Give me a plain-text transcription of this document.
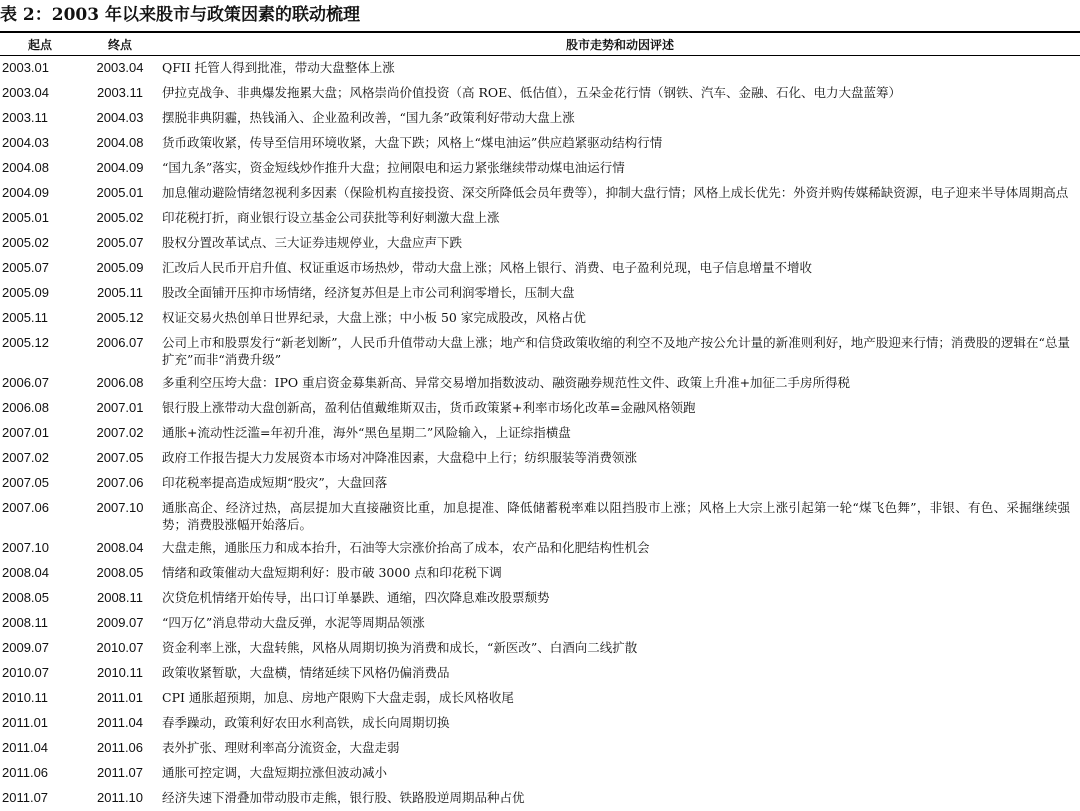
表 2：2003 年以来股市与政策因素的联动梳理
起点	终点	股市走势和动因评述
2003.01	2003.04	QFII 托管人得到批准，带动大盘整体上涨
2003.04	2003.11	伊拉克战争、非典爆发拖累大盘；风格崇尚价值投资（高 ROE、低估值），五朵金花行情（钢铁、汽车、金融、石化、电力大盘蓝筹）
2003.11	2004.03	摆脱非典阴霾，热钱涌入、企业盈利改善，“国九条”政策利好带动大盘上涨
2004.03	2004.08	货币政策收紧，传导至信用环境收紧，大盘下跌；风格上“煤电油运”供应趋紧驱动结构行情
2004.08	2004.09	“国九条”落实，资金短线炒作推升大盘；拉闸限电和运力紧张继续带动煤电油运行情
2004.09	2005.01	加息催动避险情绪忽视利多因素（保险机构直接投资、深交所降低会员年费等），抑制大盘行情；风格上成长优先：外资并购传媒稀缺资源，电子迎来半导体周期高点
2005.01	2005.02	印花税打折，商业银行设立基金公司获批等利好刺激大盘上涨
2005.02	2005.07	股权分置改革试点、三大证券违规停业，大盘应声下跌
2005.07	2005.09	汇改后人民币开启升值、权证重返市场热炒，带动大盘上涨；风格上银行、消费、电子盈利兑现，电子信息增量不增收
2005.09	2005.11	股改全面铺开压抑市场情绪，经济复苏但是上市公司利润零增长，压制大盘
2005.11	2005.12	权证交易火热创单日世界纪录，大盘上涨；中小板 50 家完成股改，风格占优
2005.12	2006.07	公司上市和股票发行“新老划断”，人民币升值带动大盘上涨；地产和信贷政策收缩的利空不及地产按公允计量的新准则利好，地产股迎来行情；消费股的逻辑在“总量扩充”而非“消费升级”
2006.07	2006.08	多重利空压垮大盘：IPO 重启资金募集新高、异常交易增加指数波动、融资融券规范性文件、政策上升准+加征二手房所得税
2006.08	2007.01	银行股上涨带动大盘创新高，盈利估值戴维斯双击，货币政策紧+利率市场化改革=金融风格领跑
2007.01	2007.02	通胀+流动性泛滥=年初升准，海外“黑色星期二”风险输入，上证综指横盘
2007.02	2007.05	政府工作报告提大力发展资本市场对冲降准因素，大盘稳中上行；纺织服装等消费领涨
2007.05	2007.06	印花税率提高造成短期“股灾”，大盘回落
2007.06	2007.10	通胀高企、经济过热，高层提加大直接融资比重，加息提准、降低储蓄税率难以阻挡股市上涨；风格上大宗上涨引起第一轮“煤飞色舞”，非银、有色、采掘继续强势；消费股涨幅开始落后。
2007.10	2008.04	大盘走熊，通胀压力和成本抬升，石油等大宗涨价抬高了成本，农产品和化肥结构性机会
2008.04	2008.05	情绪和政策催动大盘短期利好：股市破 3000 点和印花税下调
2008.05	2008.11	次贷危机情绪开始传导，出口订单暴跌、通缩，四次降息难改股票颓势
2008.11	2009.07	“四万亿”消息带动大盘反弹，水泥等周期品领涨
2009.07	2010.07	资金利率上涨，大盘转熊，风格从周期切换为消费和成长，“新医改”、白酒向二线扩散
2010.07	2010.11	政策收紧暂歇，大盘横，情绪延续下风格仍偏消费品
2010.11	2011.01	CPI 通胀超预期，加息、房地产限购下大盘走弱，成长风格收尾
2011.01	2011.04	春季躁动，政策利好农田水利高铁，成长向周期切换
2011.04	2011.06	表外扩张、理财利率高分流资金，大盘走弱
2011.06	2011.07	通胀可控定调，大盘短期拉涨但波动减小
2011.07	2011.10	经济失速下滑叠加带动股市走熊，银行股、铁路股逆周期品种占优
